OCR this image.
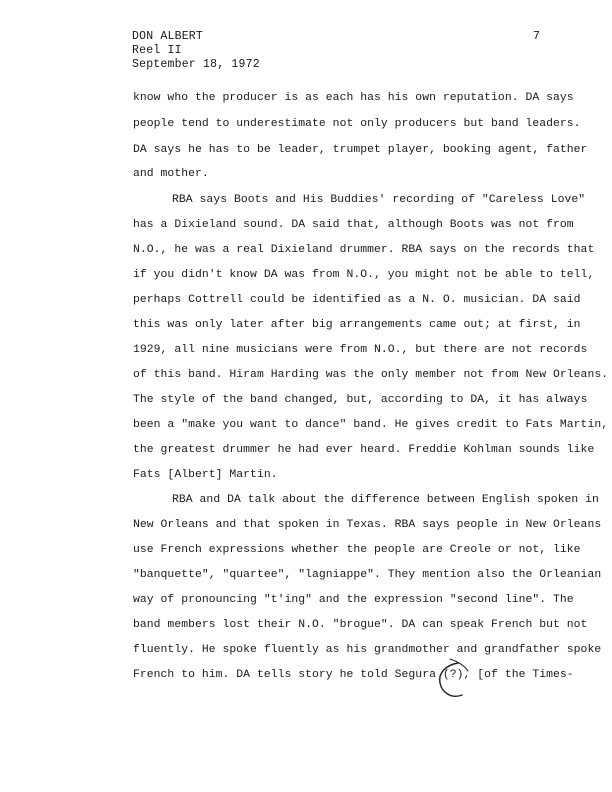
DON ALBERT
Reel II
September 18, 1972
7
know who the producer is as each has his own reputation. DA says
people tend to underestimate not only producers but band leaders.
DA says he has to be leader, trumpet player, booking agent, father
and mother.
RBA says Boots and His Buddies' recording of "Careless Love"
has a Dixieland sound. DA said that, although Boots was not from
N.O., he was a real Dixieland drummer. RBA says on the records that
if you didn't know DA was from N.O., you might not be able to tell,
perhaps Cottrell could be identified as a N. O. musician. DA said
this was only later after big arrangements came out; at first, in
1929, all nine musicians were from N.O., but there are not records
of this band. Hiram Harding was the only member not from New Orleans.
The style of the band changed, but, according to DA, it has always
been a "make you want to dance" band. He gives credit to Fats Martin,
the greatest drummer he had ever heard. Freddie Kohlman sounds like
Fats [Albert] Martin.
RBA and DA talk about the difference between English spoken in
New Orleans and that spoken in Texas. RBA says people in New Orleans
use French expressions whether the people are Creole or not, like
"banquette", "quartee", "lagniappe". They mention also the Orleanian
way of pronouncing "t'ing" and the expression "second line". The
band members lost their N.O. "brogue". DA can speak French but not
fluently. He spoke fluently as his grandmother and grandfather spoke
French to him. DA tells story he told Segura (?), [of the Times-
